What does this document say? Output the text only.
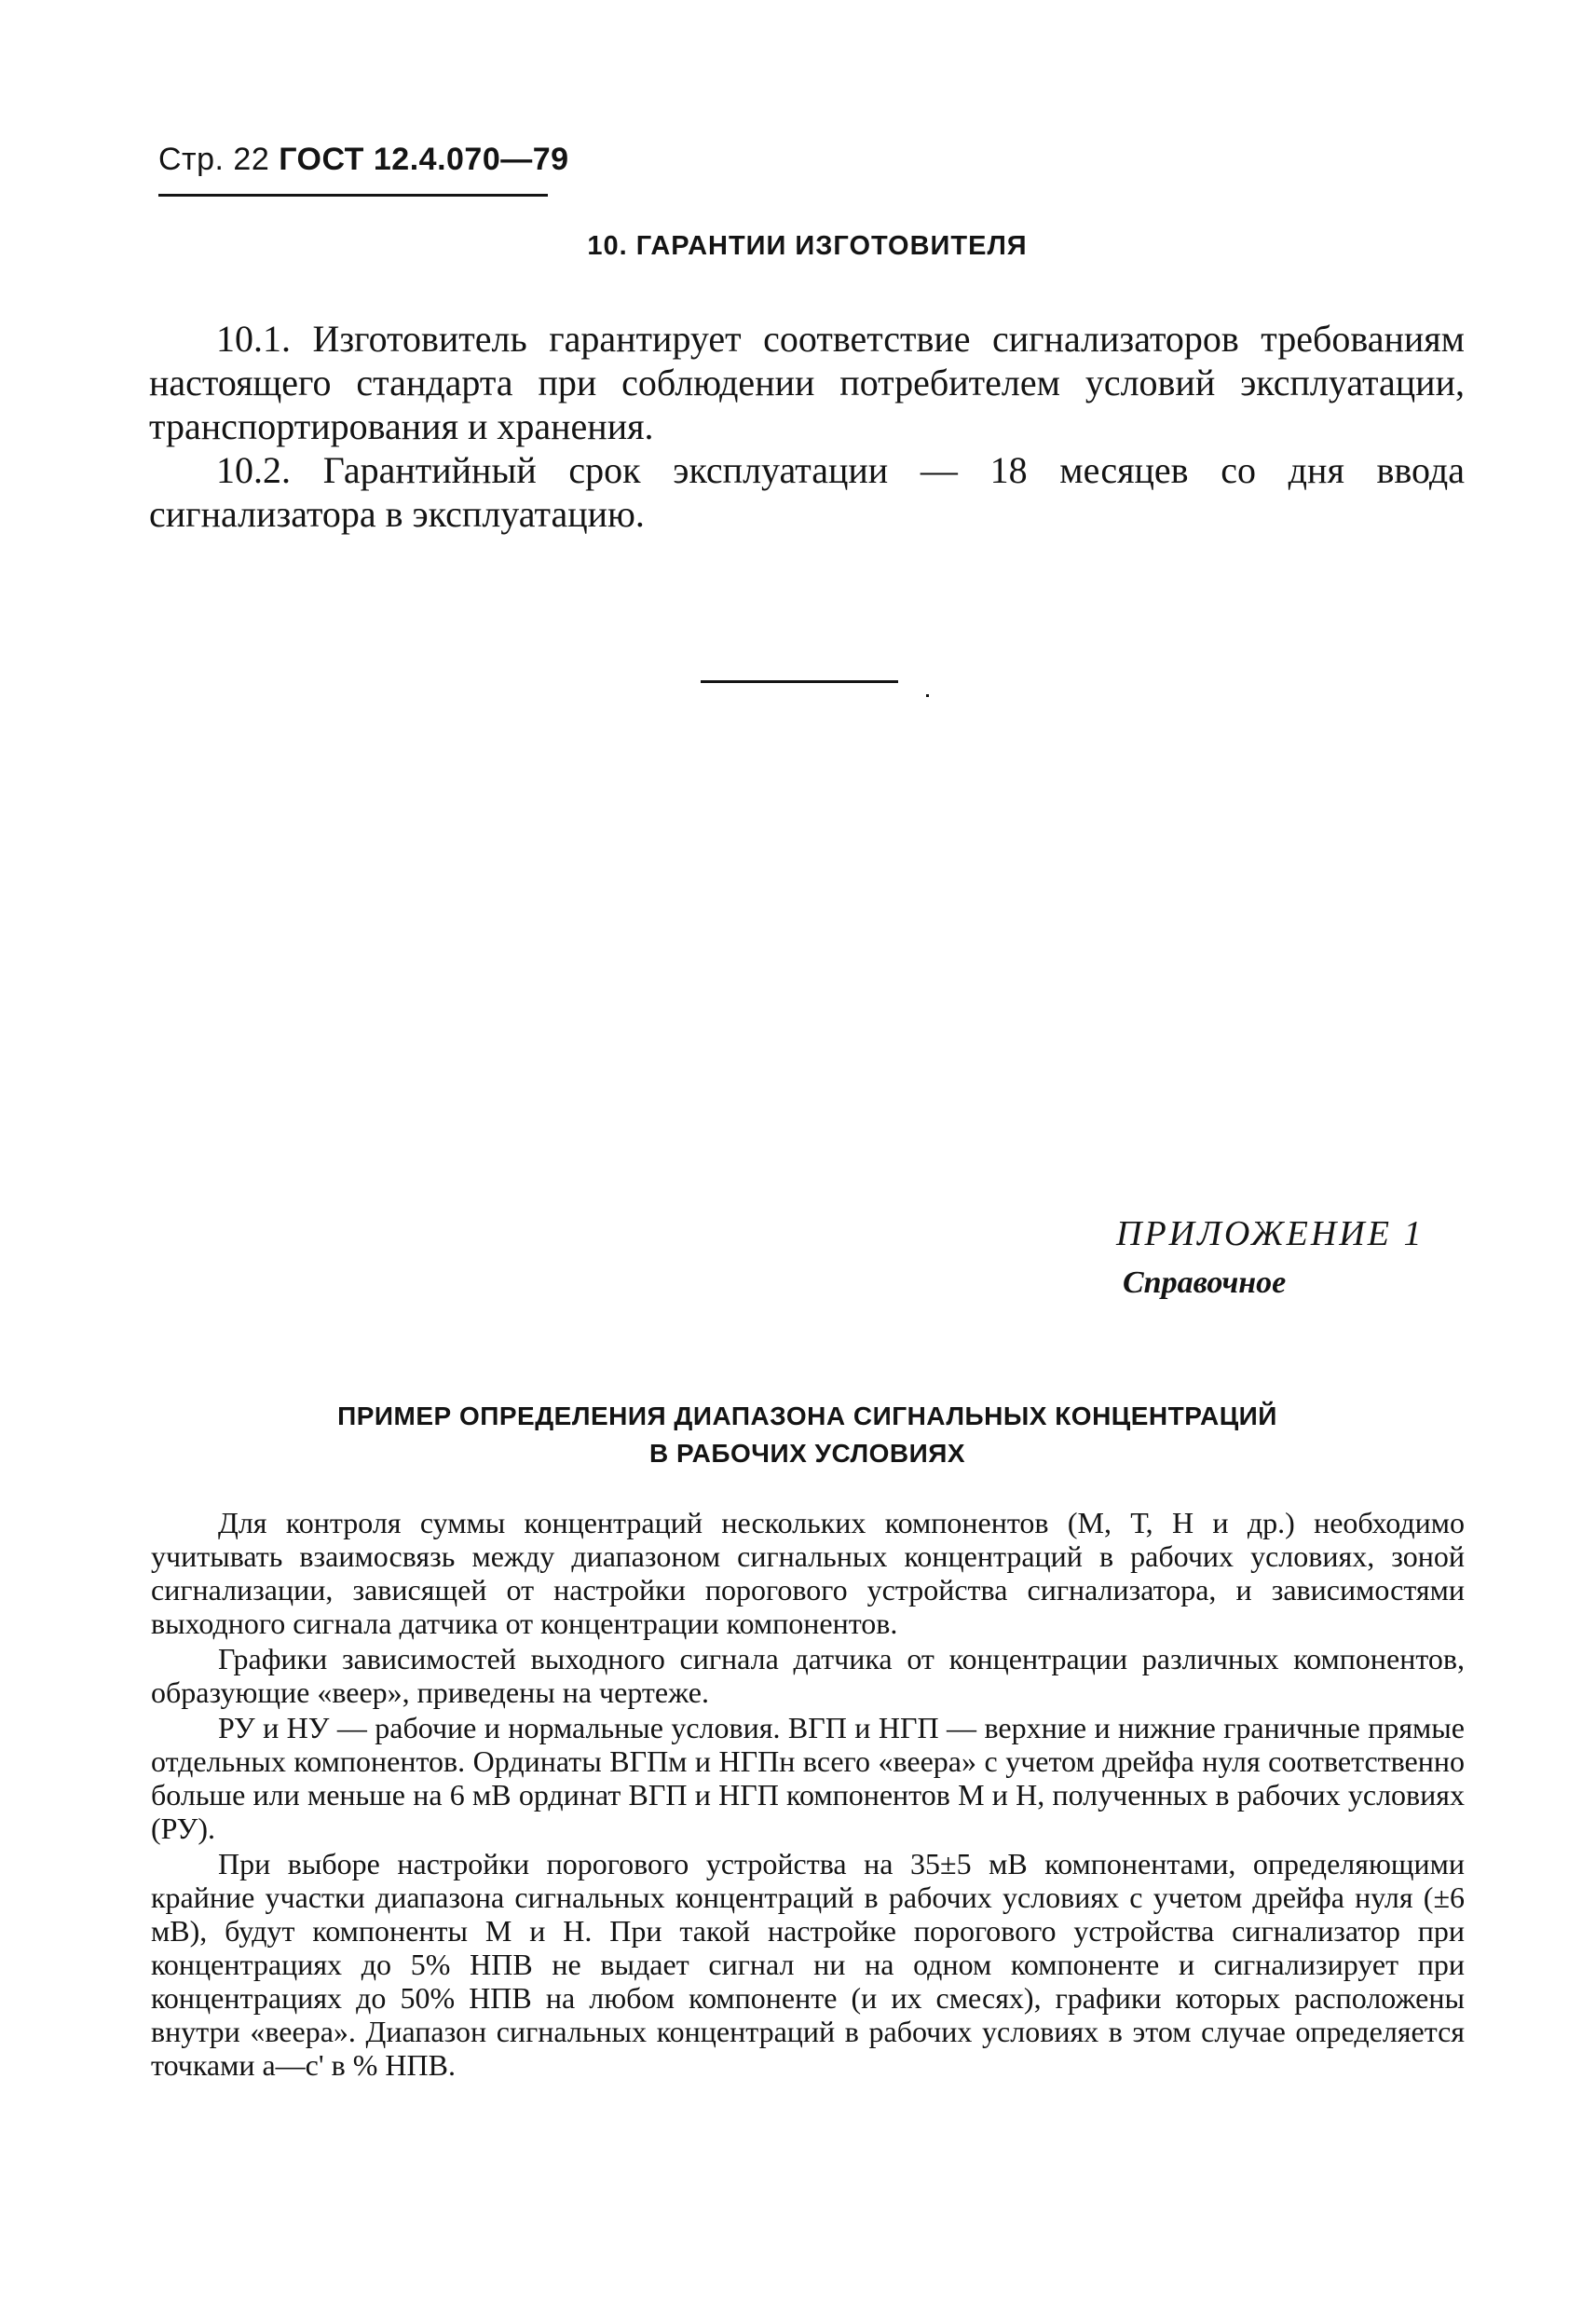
Стр. 22 ГОСТ 12.4.070—79
10. ГАРАНТИИ ИЗГОТОВИТЕЛЯ

10.1. Изготовитель гарантирует соответствие сигнализаторов требованиям настоящего стандарта при соблюдении потребителем условий эксплуатации, транспортирования и хранения.

10.2. Гарантийный срок эксплуатации — 18 месяцев со дня ввода сигнализатора в эксплуатацию.

ПРИЛОЖЕНИЕ 1
Справочное
ПРИМЕР ОПРЕДЕЛЕНИЯ ДИАПАЗОНА СИГНАЛЬНЫХ КОНЦЕНТРАЦИЙ
В РАБОЧИХ УСЛОВИЯХ

Для контроля суммы концентраций нескольких компонентов (М, Т, Н и др.) необходимо учитывать взаимосвязь между диапазоном сигнальных концентраций в рабочих условиях, зоной сигнализации, зависящей от настройки порогового устройства сигнализатора, и зависимостями выходного сигнала датчика от концентрации компонентов.

Графики зависимостей выходного сигнала датчика от концентрации различных компонентов, образующие «веер», приведены на чертеже.

РУ и НУ — рабочие и нормальные условия. ВГП и НГП — верхние и нижние граничные прямые отдельных компонентов. Ординаты ВГПм и НГПн всего «веера» с учетом дрейфа нуля соответственно больше или меньше на 6 мВ ординат ВГП и НГП компонентов М и Н, полученных в рабочих условиях (РУ).

При выборе настройки порогового устройства на 35±5 мВ компонентами, определяющими крайние участки диапазона сигнальных концентраций в рабочих условиях с учетом дрейфа нуля (±6 мВ), будут компоненты М и Н. При такой настройке порогового устройства сигнализатор при концентрациях до 5% НПВ не выдает сигнал ни на одном компоненте и сигнализирует при концентрациях до 50% НПВ на любом компоненте (и их смесях), графики которых расположены внутри «веера». Диапазон сигнальных концентраций в рабочих условиях в этом случае определяется точками а—с' в % НПВ.
